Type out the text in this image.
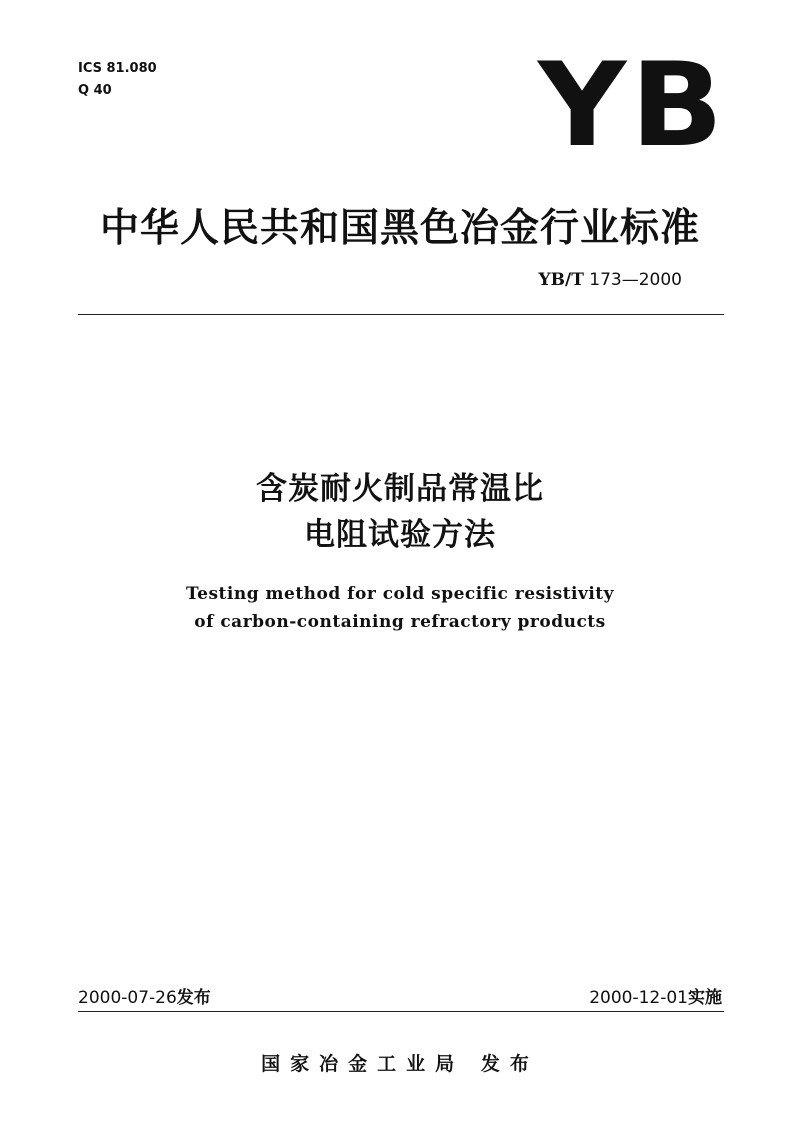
ICS 81.080
Q 40	YB
中华人民共和国黑色冶金行业标准
YB/T 173—2000
含炭耐火制品常温比
电阻试验方法
Testing method for cold specific resistivity
of carbon-containing refractory products
2000-07-26发布	2000-12-01实施
国家冶金工业局 发布
